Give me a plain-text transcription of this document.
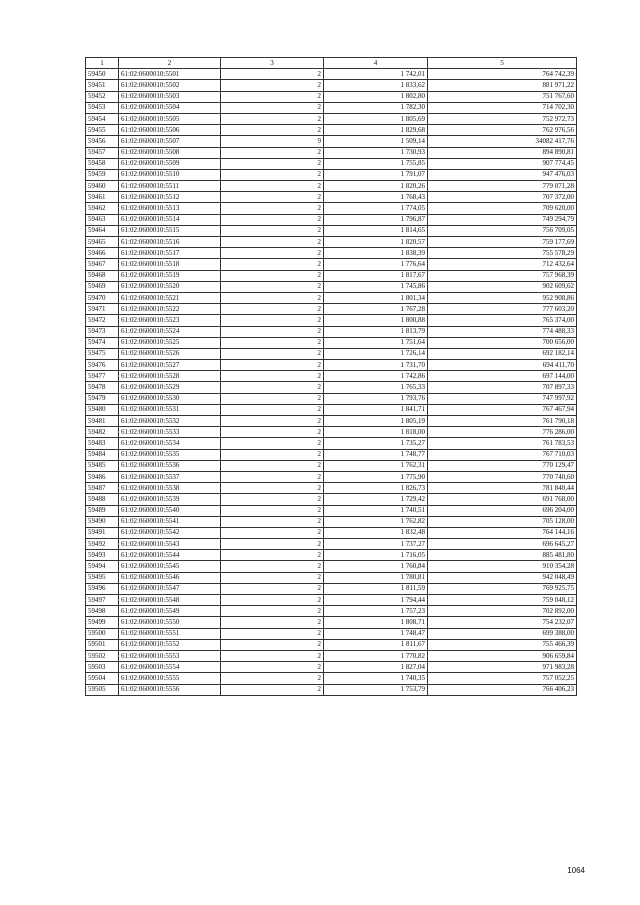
1	2	3	4	5
59450	61:02:0600010:5501	2	1 742,01	764 742,39
59451	61:02:0600010:5502	2	1 833,62	881 971,22
59452	61:02:0600010:5503	2	1 802,80	751 767,60
59453	61:02:0600010:5504	2	1 782,30	714 702,30
59454	61:02:0600010:5505	2	1 805,69	752 972,73
59455	61:02:0600010:5506	2	1 829,68	762 976,56
59456	61:02:0600010:5507	9	1 509,14	34082 417,76
59457	61:02:0600010:5508	2	1 730,93	894 890,81
59458	61:02:0600010:5509	2	1 755,85	907 774,45
59459	61:02:0600010:5510	2	1 791,07	947 476,03
59460	61:02:0600010:5511	2	1 820,26	779 071,28
59461	61:02:0600010:5512	2	1 768,43	707 372,00
59462	61:02:0600010:5513	2	1 774,05	709 620,00
59463	61:02:0600010:5514	2	1 796,87	749 294,79
59464	61:02:0600010:5515	2	1 814,65	756 709,05
59465	61:02:0600010:5516	2	1 820,57	759 177,69
59466	61:02:0600010:5517	2	1 838,39	755 578,29
59467	61:02:0600010:5518	2	1 776,64	712 432,64
59468	61:02:0600010:5519	2	1 817,67	757 968,39
59469	61:02:0600010:5520	2	1 745,86	902 609,62
59470	61:02:0600010:5521	2	1 801,34	952 908,86
59471	61:02:0600010:5522	2	1 767,28	777 603,20
59472	61:02:0600010:5523	2	1 800,88	765 374,00
59473	61:02:0600010:5524	2	1 813,79	774 488,33
59474	61:02:0600010:5525	2	1 751,64	700 656,00
59475	61:02:0600010:5526	2	1 726,14	692 182,14
59476	61:02:0600010:5527	2	1 731,70	694 411,70
59477	61:02:0600010:5528	2	1 742,86	697 144,00
59478	61:02:0600010:5529	2	1 765,33	707 897,33
59479	61:02:0600010:5530	2	1 793,76	747 997,92
59480	61:02:0600010:5531	2	1 841,71	767 467,94
59481	61:02:0600010:5532	2	1 805,19	761 790,18
59482	61:02:0600010:5533	2	1 818,00	776 286,00
59483	61:02:0600010:5534	2	1 735,27	761 783,53
59484	61:02:0600010:5535	2	1 748,77	767 710,03
59485	61:02:0600010:5536	2	1 762,31	770 129,47
59486	61:02:0600010:5537	2	1 775,90	770 740,60
59487	61:02:0600010:5538	2	1 826,73	781 840,44
59488	61:02:0600010:5539	2	1 729,42	691 768,00
59489	61:02:0600010:5540	2	1 740,51	696 204,00
59490	61:02:0600010:5541	2	1 762,82	705 128,00
59491	61:02:0600010:5542	2	1 832,48	764 144,16
59492	61:02:0600010:5543	2	1 737,27	696 645,27
59493	61:02:0600010:5544	2	1 716,05	885 481,80
59494	61:02:0600010:5545	2	1 760,84	910 354,28
59495	61:02:0600010:5546	2	1 780,81	942 048,49
59496	61:02:0600010:5547	2	1 811,59	769 925,75
59497	61:02:0600010:5548	2	1 794,44	759 048,12
59498	61:02:0600010:5549	2	1 757,23	702 892,00
59499	61:02:0600010:5550	2	1 808,71	754 232,07
59500	61:02:0600010:5551	2	1 748,47	699 388,00
59501	61:02:0600010:5552	2	1 811,67	755 466,39
59502	61:02:0600010:5553	2	1 770,82	906 659,84
59503	61:02:0600010:5554	2	1 827,04	971 983,28
59504	61:02:0600010:5555	2	1 740,35	757 052,25
59505	61:02:0600010:5556	2	1 753,79	766 406,23
1064
